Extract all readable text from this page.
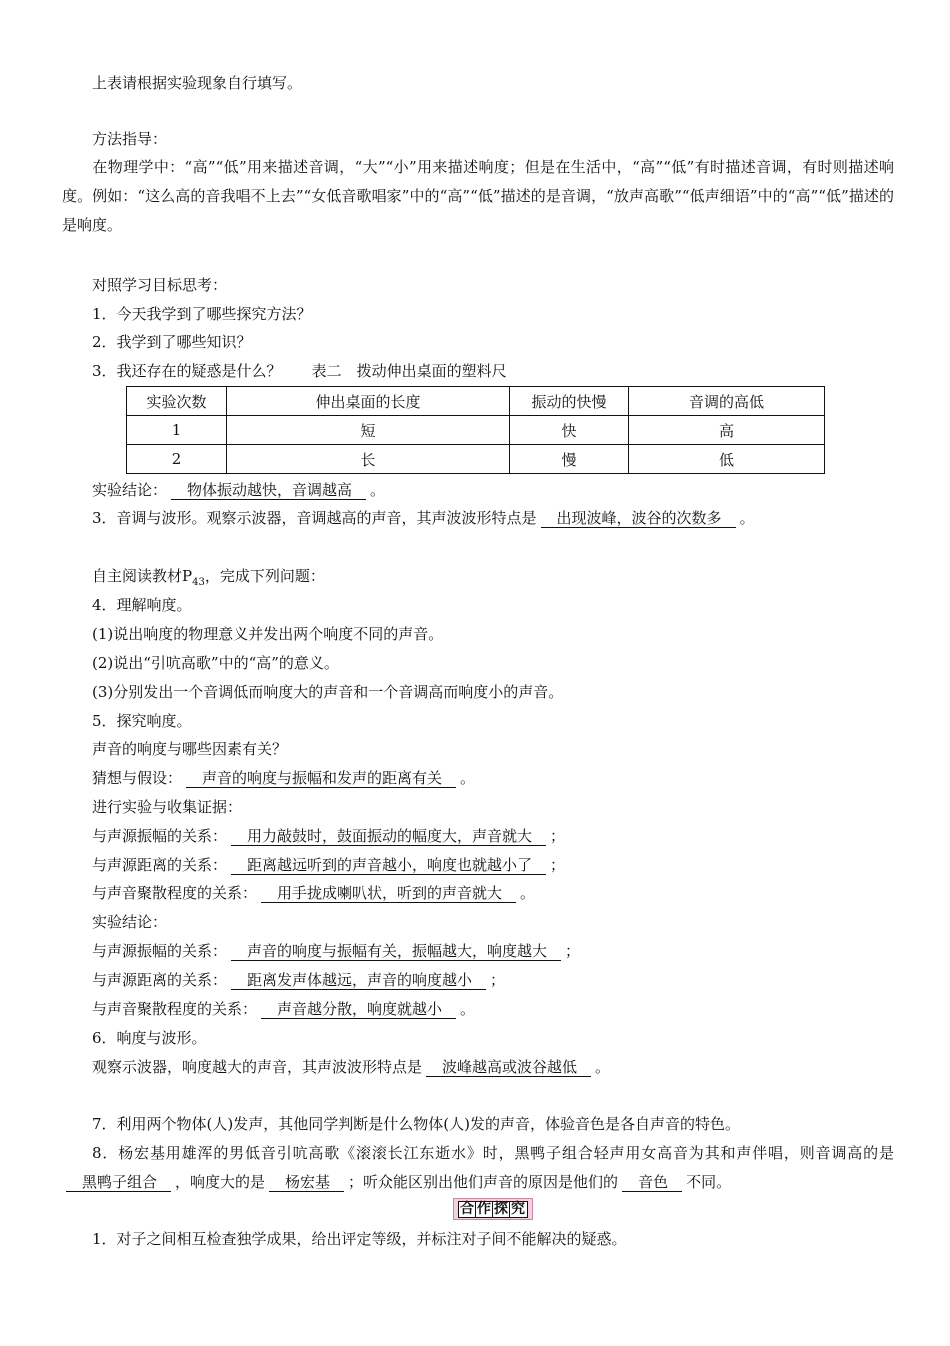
上表请根据实验现象自行填写。
方法指导：
在物理学中：“高”“低”用来描述音调，“大”“小”用来描述响度；但是在生活中，“高”“低”有时描述音调，有时则描述响度。例如：“这么高的音我唱不上去”“女低音歌唱家”中的“高”“低”描述的是音调，“放声高歌”“低声细语”中的“高”“低”描述的是响度。
对照学习目标思考：
1．今天我学到了哪些探究方法？
2．我学到了哪些知识？
3．我还存在的疑惑是什么？　　 表二　拨动伸出桌面的塑料尺
实验次数	伸出桌面的长度	振动的快慢	音调的高低
1	短	快	高
2	长	慢	低
实验结论： 物体振动越快，音调越高 。
3．音调与波形。观察示波器，音调越高的声音，其声波波形特点是 出现波峰，波谷的次数多 。
自主阅读教材$P_{43}$，完成下列问题：
4．理解响度。
(1)说出响度的物理意义并发出两个响度不同的声音。
(2)说出“引吭高歌”中的“高”的意义。
(3)分别发出一个音调低而响度大的声音和一个音调高而响度小的声音。
5．探究响度。
声音的响度与哪些因素有关？
猜想与假设： 声音的响度与振幅和发声的距离有关 。
进行实验与收集证据：
与声源振幅的关系： 用力敲鼓时，鼓面振动的幅度大，声音就大 ；
与声源距离的关系： 距离越远听到的声音越小，响度也就越小了 ；
与声音聚散程度的关系： 用手拢成喇叭状，听到的声音就大 。
实验结论：
与声源振幅的关系： 声音的响度与振幅有关，振幅越大，响度越大 ；
与声源距离的关系： 距离发声体越远，声音的响度越小 ；
与声音聚散程度的关系： 声音越分散，响度就越小 。
6．响度与波形。
观察示波器，响度越大的声音，其声波波形特点是 波峰越高或波谷越低 。
7．利用两个物体(人)发声，其他同学判断是什么物体(人)发的声音，体验音色是各自声音的特色。
8．杨宏基用雄浑的男低音引吭高歌《滚滚长江东逝水》时，黑鸭子组合轻声用女高音为其和声伴唱，则音调高的是黑鸭子组合 ，响度大的是 杨宏基 ；听众能区别出他们声音的原因是他们的 音色 不同。
合 作 探 究
1．对子之间相互检查独学成果，给出评定等级，并标注对子间不能解决的疑惑。
